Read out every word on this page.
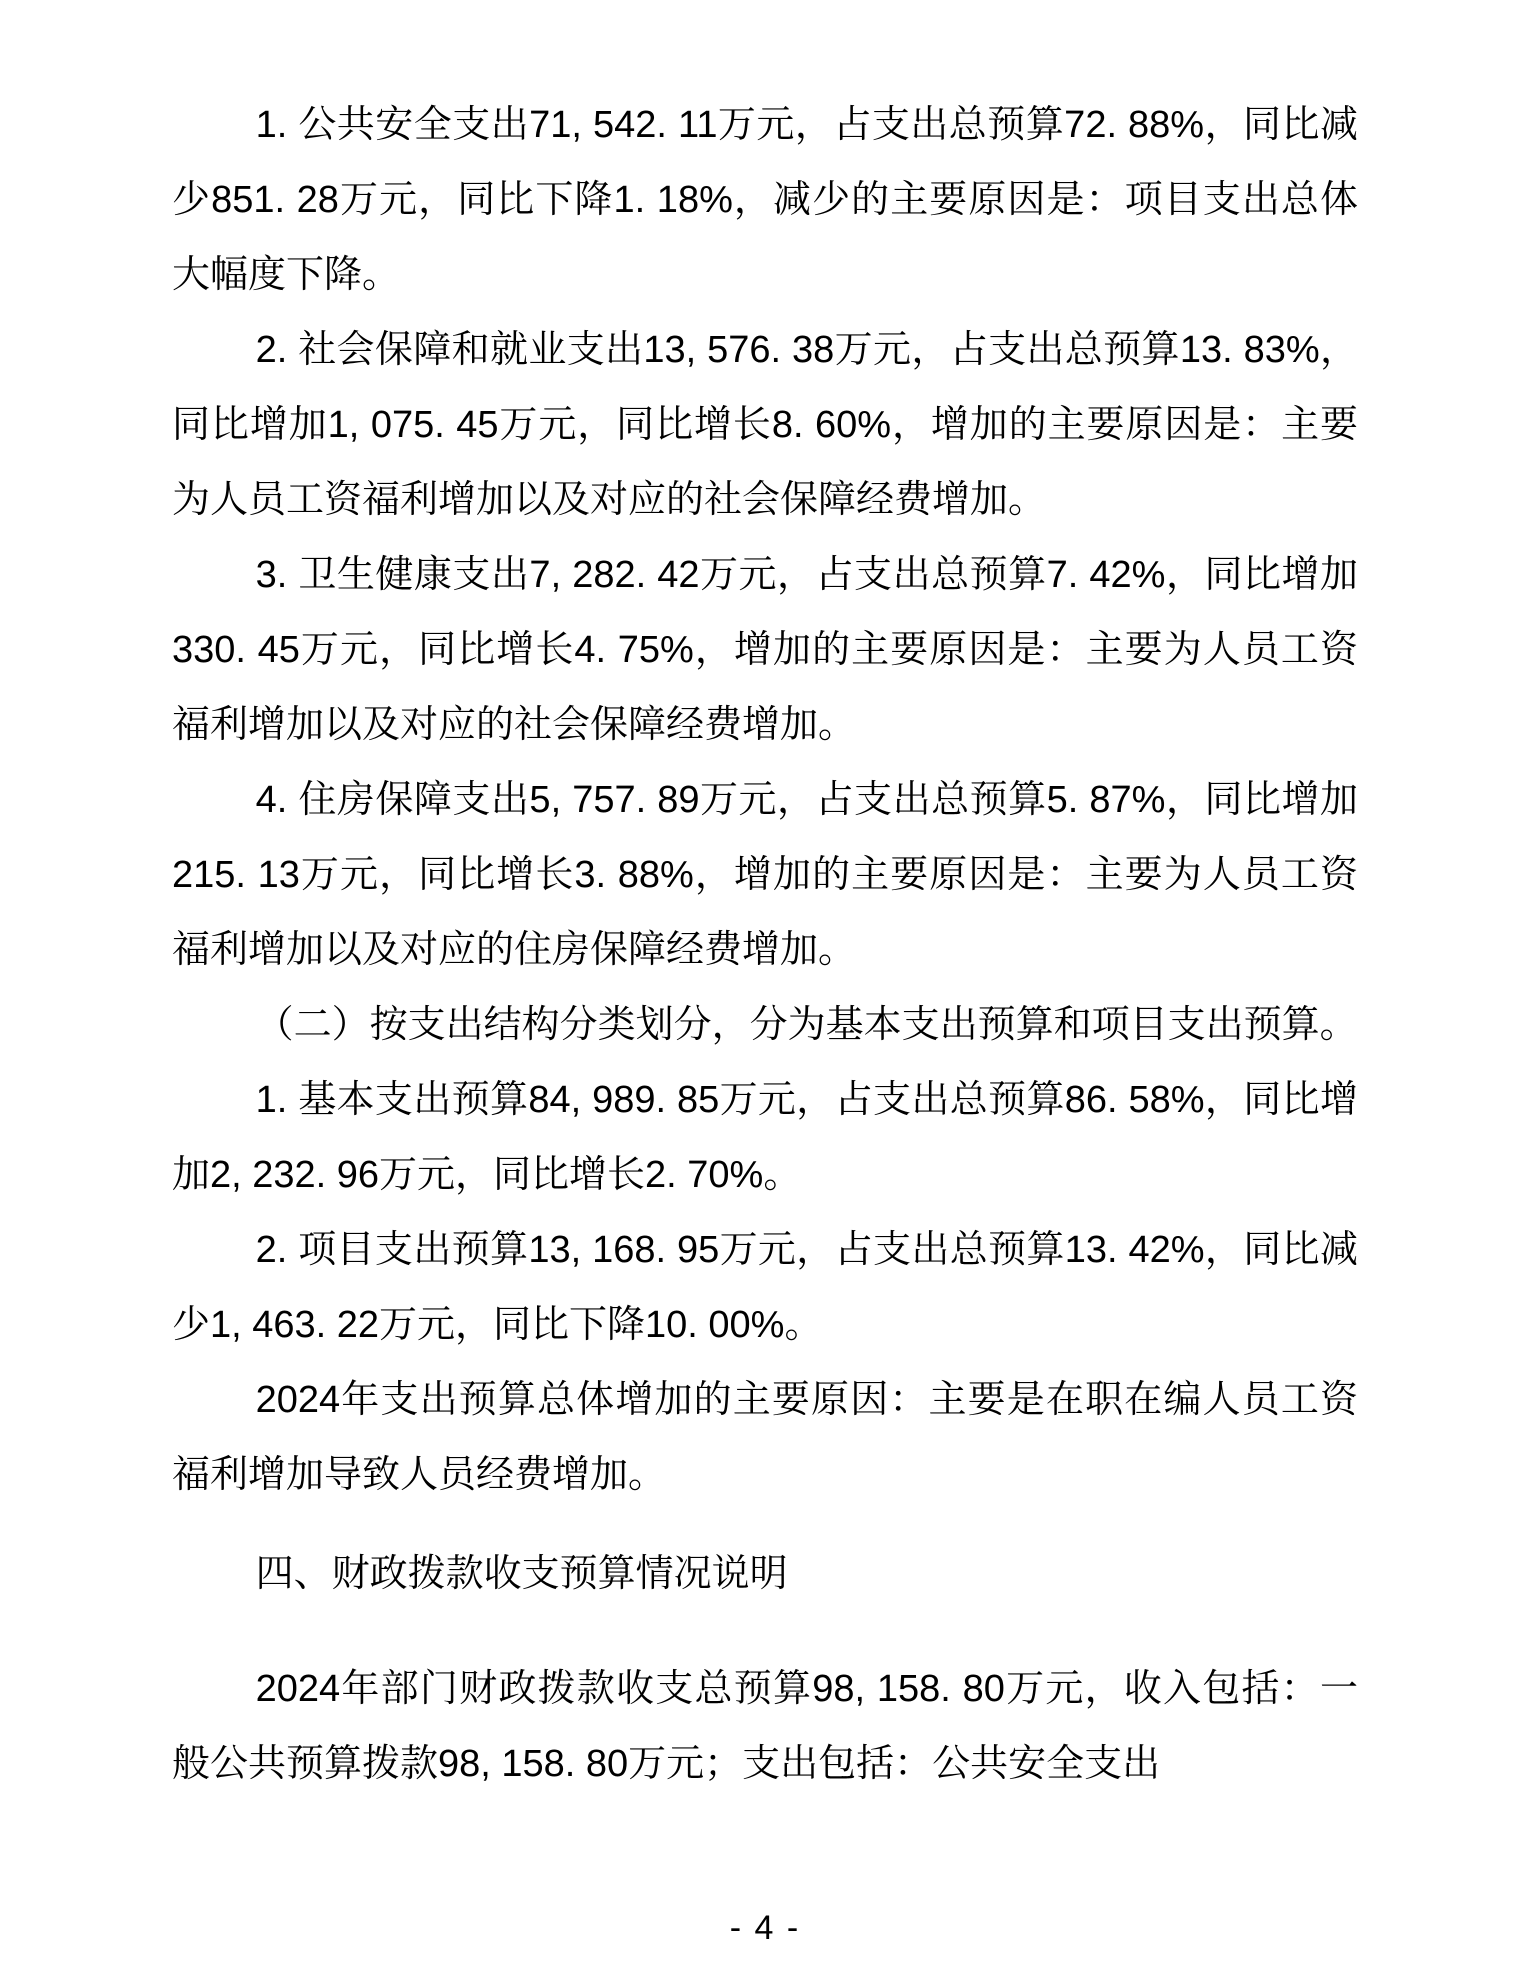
1. 公共安全支出71, 542. 11万元，占支出总预算72. 88%，同比减少851. 28万元，同比下降1. 18%，减少的主要原因是：项目支出总体大幅度下降。

2. 社会保障和就业支出13, 576. 38万元，占支出总预算13. 83%，同比增加1, 075. 45万元，同比增长8. 60%，增加的主要原因是：主要为人员工资福利增加以及对应的社会保障经费增加。

3. 卫生健康支出7, 282. 42万元，占支出总预算7. 42%，同比增加330. 45万元，同比增长4. 75%，增加的主要原因是：主要为人员工资福利增加以及对应的社会保障经费增加。

4. 住房保障支出5, 757. 89万元，占支出总预算5. 87%，同比增加215. 13万元，同比增长3. 88%，增加的主要原因是：主要为人员工资福利增加以及对应的住房保障经费增加。

（二）按支出结构分类划分，分为基本支出预算和项目支出预算。

1. 基本支出预算84, 989. 85万元，占支出总预算86. 58%，同比增加2, 232. 96万元，同比增长2. 70%。

2. 项目支出预算13, 168. 95万元，占支出总预算13. 42%，同比减少1, 463. 22万元，同比下降10. 00%。

2024年支出预算总体增加的主要原因：主要是在职在编人员工资福利增加导致人员经费增加。

四、财政拨款收支预算情况说明

2024年部门财政拨款收支总预算98, 158. 80万元，收入包括：一般公共预算拨款98, 158. 80万元；支出包括：公共安全支出

- 4 -
